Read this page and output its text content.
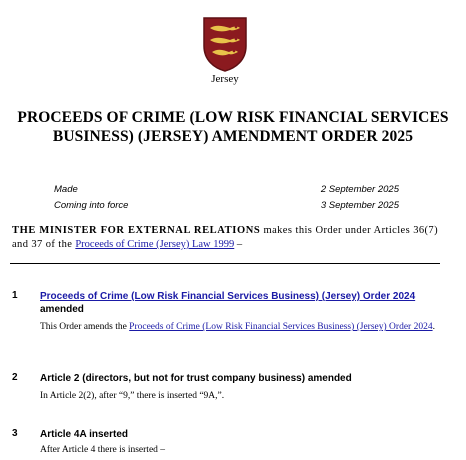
Jersey
PROCEEDS OF CRIME (LOW RISK FINANCIAL SERVICES BUSINESS) (JERSEY) AMENDMENT ORDER 2025
Made	2 September 2025
Coming into force	3 September 2025
THE MINISTER FOR EXTERNAL RELATIONS makes this Order under Articles 36(7) and 37 of the Proceeds of Crime (Jersey) Law 1999 –
1 Proceeds of Crime (Low Risk Financial Services Business) (Jersey) Order 2024
amended
This Order amends the Proceeds of Crime (Low Risk Financial Services Business) (Jersey) Order 2024.
2 Article 2 (directors, but not for trust company business) amended
In Article 2(2), after “9,” there is inserted “9A,”.
3 Article 4A inserted
After Article 4 there is inserted –
